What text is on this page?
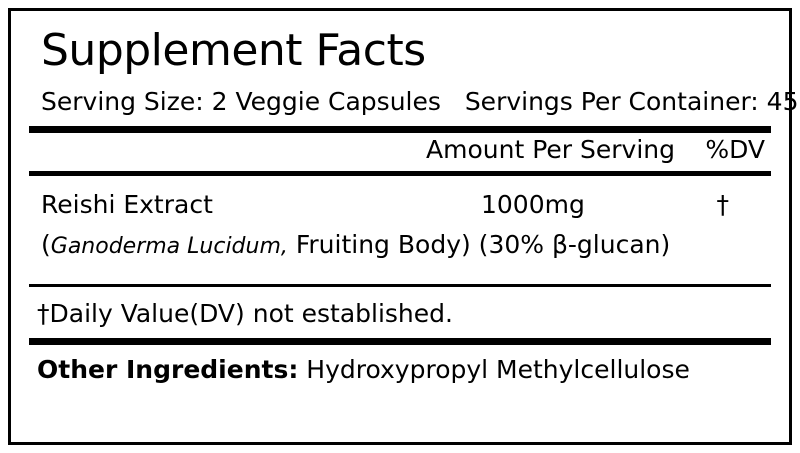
Supplement Facts
Serving Size: 2 Veggie Capsules Servings Per Container: 45
Amount Per Serving %DV
Reishi Extract	1000mg	†
(Ganoderma Lucidum, Fruiting Body) (30% β-glucan)
†Daily Value(DV) not established.
Other Ingredients: Hydroxypropyl Methylcellulose
